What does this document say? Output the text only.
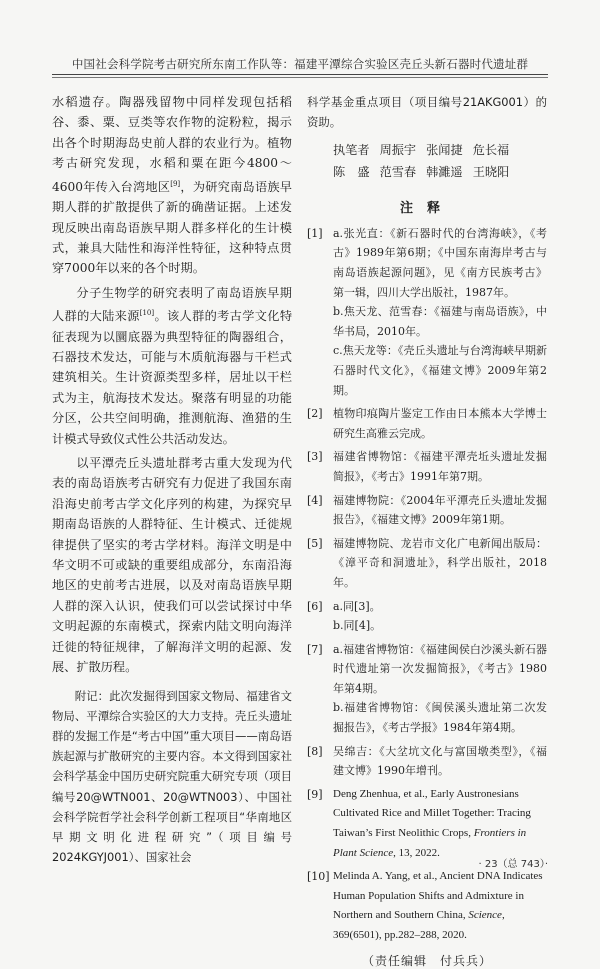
中国社会科学院考古研究所东南工作队等：福建平潭综合实验区壳丘头新石器时代遗址群

水稻遗存。陶器残留物中同样发现包括稻谷、黍、粟、豆类等农作物的淀粉粒，揭示出各个时期海岛史前人群的农业行为。植物考古研究发现，水稻和粟在距今4800～4600年传入台湾地区[9]，为研究南岛语族早期人群的扩散提供了新的确凿证据。上述发现反映出南岛语族早期人群多样化的生计模式，兼具大陆性和海洋性特征，这种特点贯穿7000年以来的各个时期。

分子生物学的研究表明了南岛语族早期人群的大陆来源[10]。该人群的考古学文化特征表现为以圜底器为典型特征的陶器组合，石器技术发达，可能与木质航海器与干栏式建筑相关。生计资源类型多样，居址以干栏式为主，航海技术发达。聚落有明显的功能分区，公共空间明确，推测航海、渔猎的生计模式导致仪式性公共活动发达。

以平潭壳丘头遗址群考古重大发现为代表的南岛语族考古研究有力促进了我国东南沿海史前考古学文化序列的构建，为探究早期南岛语族的人群特征、生计模式、迁徙规律提供了坚实的考古学材料。海洋文明是中华文明不可或缺的重要组成部分，东南沿海地区的史前考古进展，以及对南岛语族早期人群的深入认识，使我们可以尝试探讨中华文明起源的东南模式，探索内陆文明向海洋迁徙的特征规律，了解海洋文明的起源、发展、扩散历程。

附记：此次发掘得到国家文物局、福建省文物局、平潭综合实验区的大力支持。壳丘头遗址群的发掘工作是“考古中国”重大项目——南岛语族起源与扩散研究的主要内容。本文得到国家社会科学基金中国历史研究院重大研究专项（项目编号20@WTN001、20@WTN003）、中国社会科学院哲学社会科学创新工程项目“华南地区早期文明化进程研究”（项目编号2024KGYJ001）、国家社会

科学基金重点项目（项目编号21AKG001）的资助。

执笔者 周振宇 张闻捷 危长福
陈　盛 范雪春 韩濉遥 王晓阳
注释
[1] a.张光直：《新石器时代的台湾海峡》，《考古》1989年第6期；《中国东南海岸考古与南岛语族起源问题》，见《南方民族考古》第一辑，四川大学出版社，1987年。
b.焦天龙、范雪春：《福建与南岛语族》，中华书局，2010年。
c.焦天龙等：《壳丘头遗址与台湾海峡早期新石器时代文化》，《福建文博》2009年第2期。
[2] 植物印痕陶片鉴定工作由日本熊本大学博士研究生高雅云完成。
[3] 福建省博物馆：《福建平潭壳坵头遗址发掘简报》，《考古》1991年第7期。
[4] 福建博物院：《2004年平潭壳丘头遗址发掘报告》，《福建文博》2009年第1期。
[5] 福建博物院、龙岩市文化广电新闻出版局：《漳平奇和洞遗址》，科学出版社，2018年。
[6] a.同[3]。
b.同[4]。
[7] a.福建省博物馆：《福建闽侯白沙溪头新石器时代遗址第一次发掘简报》，《考古》1980年第4期。
b.福建省博物馆：《闽侯溪头遗址第二次发掘报告》，《考古学报》1984年第4期。
[8] 吴绵吉：《大坌坑文化与富国墩类型》，《福建文博》1990年增刊。
[9] Deng Zhenhua, et al., Early Austronesians Cultivated Rice and Millet Together: Tracing Taiwan’s First Neolithic Crops, Frontiers in Plant Science, 13, 2022.
[10] Melinda A. Yang, et al., Ancient DNA Indicates Human Population Shifts and Admixture in Northern and Southern China, Science, 369(6501), pp.282–288, 2020.
（责任编辑　付兵兵）
· 23（总 743）·
